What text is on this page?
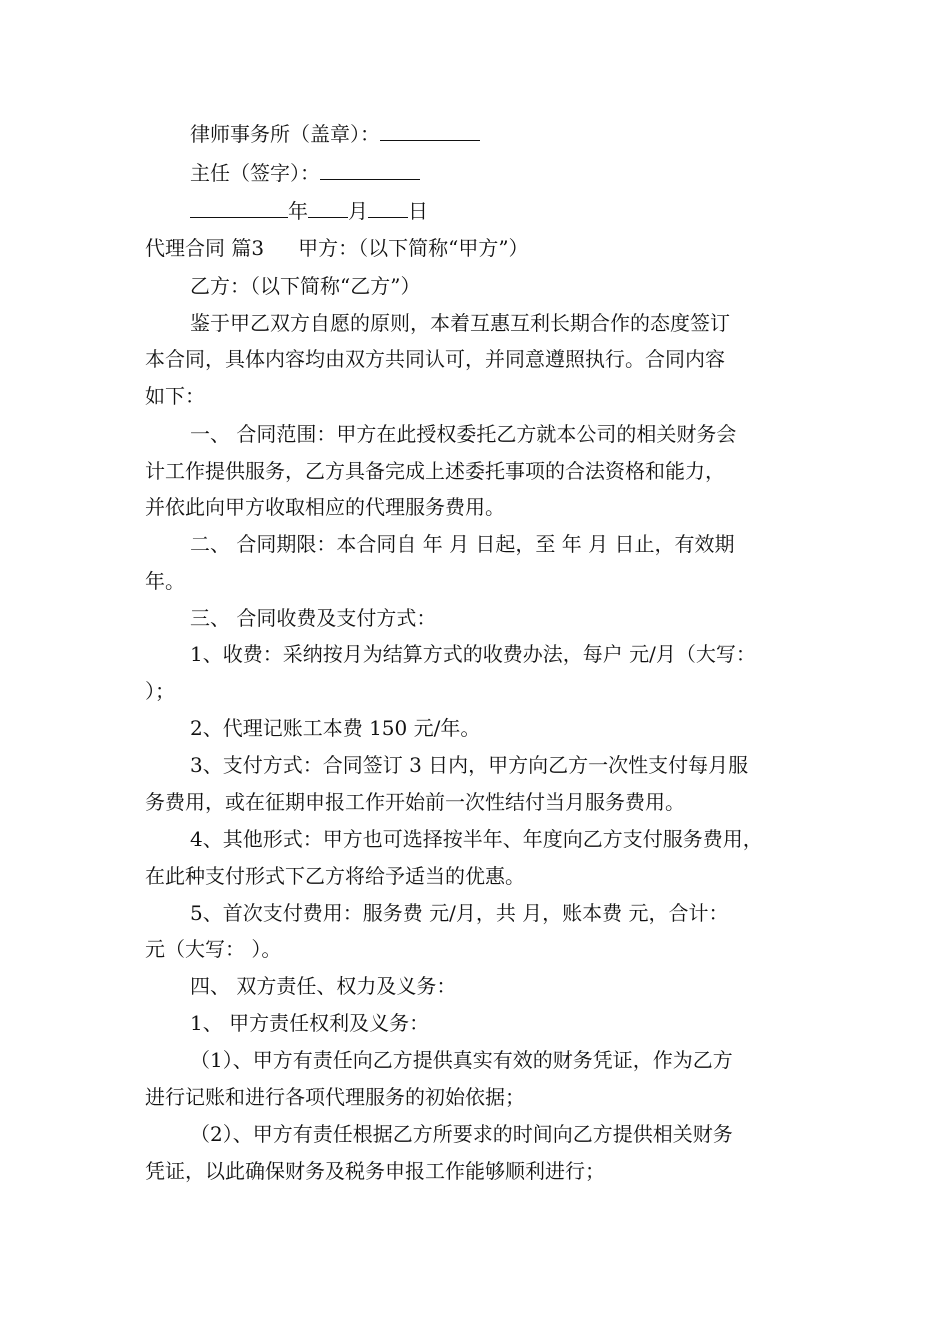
律师事务所（盖章）：
主任（签字）：
年 月 日
代理合同 篇3 甲方：（以下简称“甲方”）
乙方：（以下简称“乙方”）
鉴于甲乙双方自愿的原则，本着互惠互利长期合作的态度签订
本合同，具体内容均由双方共同认可，并同意遵照执行。合同内容
如下：
一、 合同范围：甲方在此授权委托乙方就本公司的相关财务会
计工作提供服务，乙方具备完成上述委托事项的合法资格和能力，
并依此向甲方收取相应的代理服务费用。
二、 合同期限：本合同自 年 月 日起，至 年 月 日止，有效期
年。
三、 合同收费及支付方式：
1、收费：采纳按月为结算方式的收费办法，每户 元/月（大写：
）；
2、代理记账工本费 150 元/年。
3、支付方式：合同签订 3 日内，甲方向乙方一次性支付每月服
务费用，或在征期申报工作开始前一次性结付当月服务费用。
4、其他形式：甲方也可选择按半年、年度向乙方支付服务费用，
在此种支付形式下乙方将给予适当的优惠。
5、首次支付费用：服务费 元/月，共 月，账本费 元，合计：
元（大写： ）。
四、 双方责任、权力及义务：
1、 甲方责任权利及义务：
（1）、甲方有责任向乙方提供真实有效的财务凭证，作为乙方
进行记账和进行各项代理服务的初始依据；
（2）、甲方有责任根据乙方所要求的时间向乙方提供相关财务
凭证，以此确保财务及税务申报工作能够顺利进行；
